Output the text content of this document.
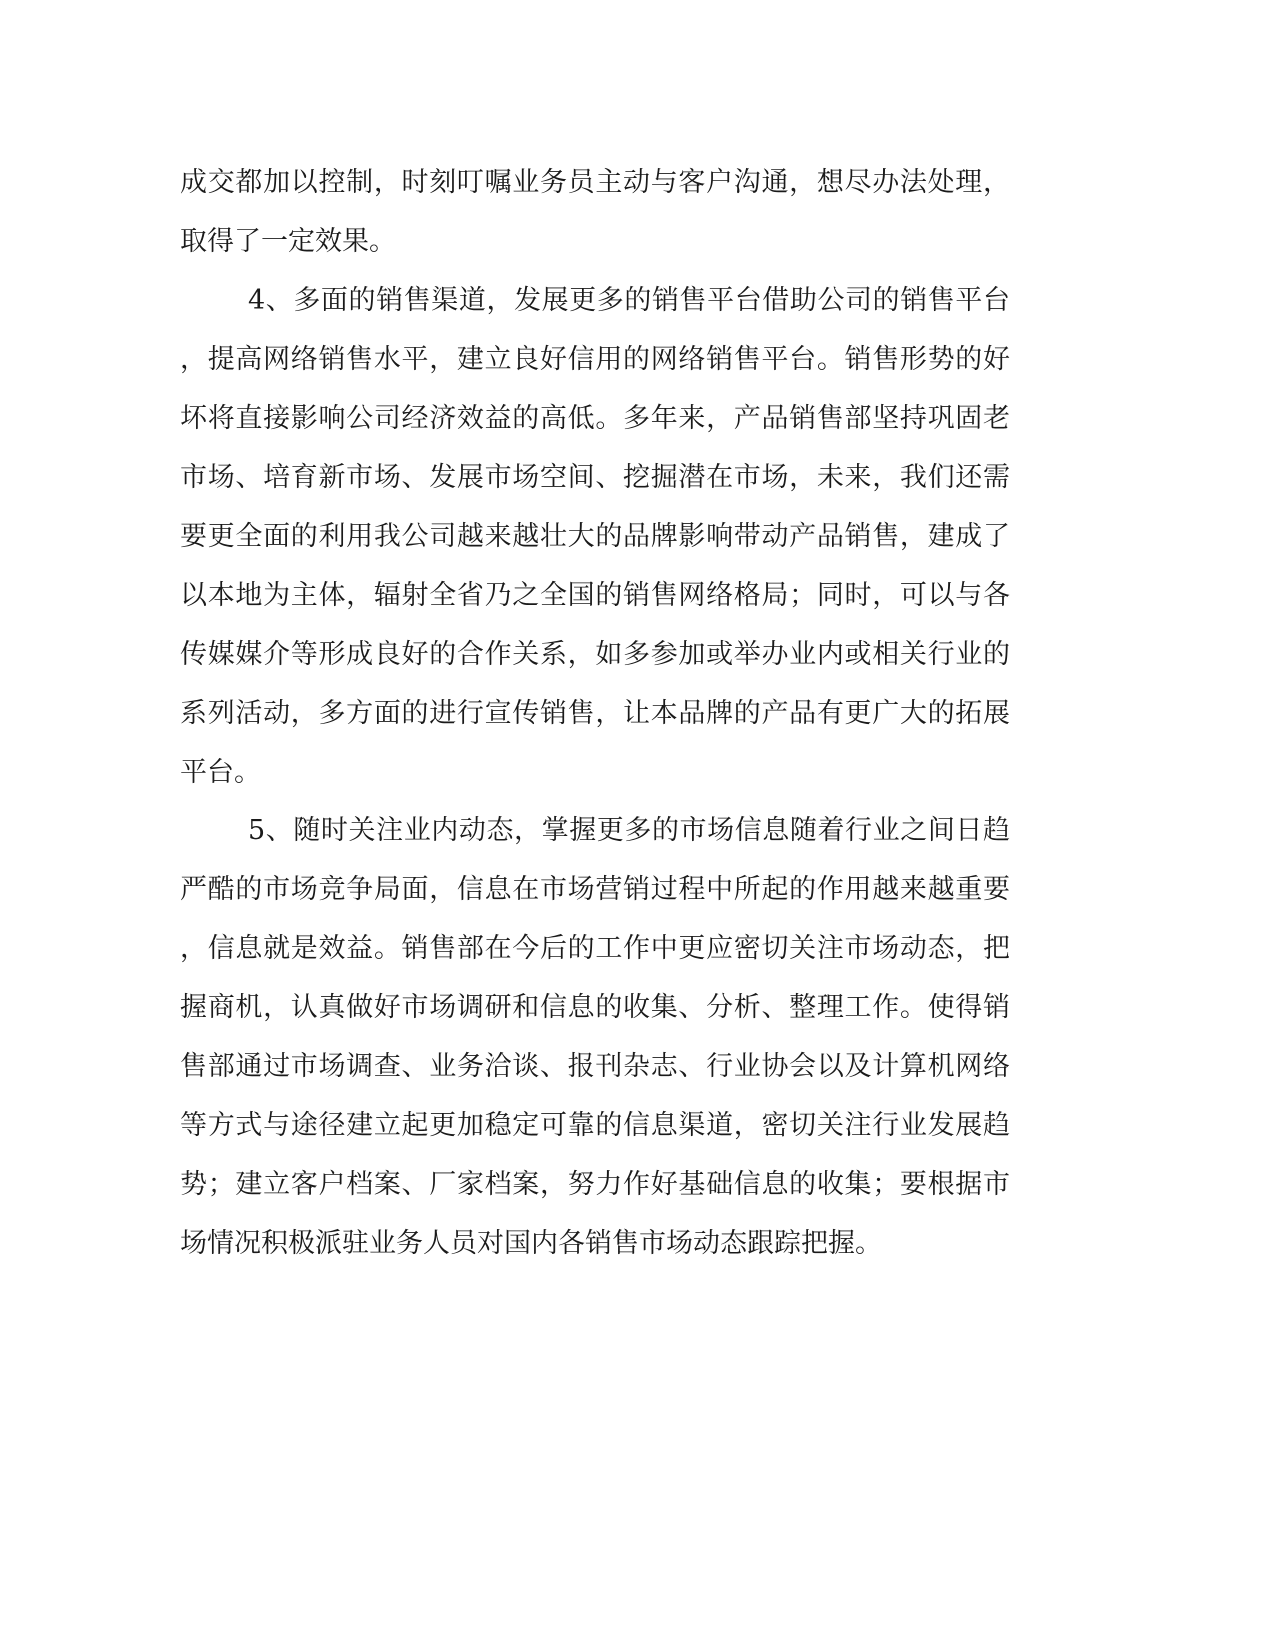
成交都加以控制，时刻叮嘱业务员主动与客户沟通，想尽办法处理，
取得了一定效果。
4、多面的销售渠道，发展更多的销售平台借助公司的销售平台
，提高网络销售水平，建立良好信用的网络销售平台。销售形势的好
坏将直接影响公司经济效益的高低。多年来，产品销售部坚持巩固老
市场、培育新市场、发展市场空间、挖掘潜在市场，未来，我们还需
要更全面的利用我公司越来越壮大的品牌影响带动产品销售，建成了
以本地为主体，辐射全省乃之全国的销售网络格局；同时，可以与各
传媒媒介等形成良好的合作关系，如多参加或举办业内或相关行业的
系列活动，多方面的进行宣传销售，让本品牌的产品有更广大的拓展
平台。
5、随时关注业内动态，掌握更多的市场信息随着行业之间日趋
严酷的市场竞争局面，信息在市场营销过程中所起的作用越来越重要
，信息就是效益。销售部在今后的工作中更应密切关注市场动态，把
握商机，认真做好市场调研和信息的收集、分析、整理工作。使得销
售部通过市场调查、业务洽谈、报刊杂志、行业协会以及计算机网络
等方式与途径建立起更加稳定可靠的信息渠道，密切关注行业发展趋
势；建立客户档案、厂家档案，努力作好基础信息的收集；要根据市
场情况积极派驻业务人员对国内各销售市场动态跟踪把握。
